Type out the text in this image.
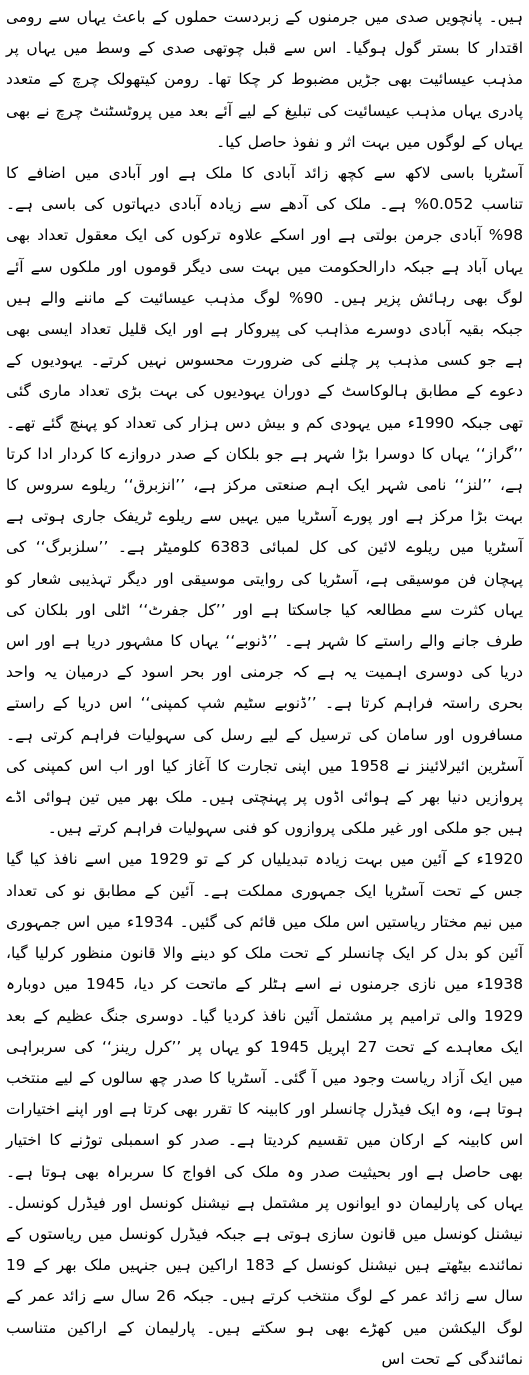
ہیں۔ پانچویں صدی میں جرمنوں کے زبردست حملوں کے باعث یہاں سے رومی اقتدار کا بستر گول ہوگیا۔ اس سے قبل چوتھی صدی کے وسط میں یہاں پر مذہب عیسائیت بھی جڑیں مضبوط کر چکا تھا۔ رومن کیتھولک چرچ کے متعدد پادری یہاں مذہب عیسائیت کی تبلیغ کے لیے آئے بعد میں پروٹسٹنٹ چرچ نے بھی یہاں کے لوگوں میں بہت اثر و نفوذ حاصل کیا۔

آسٹریا باسی لاکھ سے کچھ زائد آبادی کا ملک ہے اور آبادی میں اضافے کا تناسب 0.052% ہے۔ ملک کی آدھے سے زیادہ آبادی دیہاتوں کی باسی ہے۔ 98% آبادی جرمن بولتی ہے اور اسکے علاوہ ترکوں کی ایک معقول تعداد بھی یہاں آباد ہے جبکہ دارالحکومت میں بہت سی دیگر قوموں اور ملکوں سے آئے لوگ بھی رہائش پزیر ہیں۔ 90% لوگ مذہب عیسائیت کے ماننے والے ہیں جبکہ بقیہ آبادی دوسرے مذاہب کی پیروکار ہے اور ایک قلیل تعداد ایسی بھی ہے جو کسی مذہب پر چلنے کی ضرورت محسوس نہیں کرتے۔ یہودیوں کے دعوے کے مطابق ہالوکاسٹ کے دوران یہودیوں کی بہت بڑی تعداد ماری گئی تھی جبکہ 1990ء میں یہودی کم و بیش دس ہزار کی تعداد کو پہنچ گئے تھے۔ ’’گراز‘‘ یہاں کا دوسرا بڑا شہر ہے جو بلکان کے صدر دروازے کا کردار ادا کرتا ہے، ’’لنز‘‘ نامی شہر ایک اہم صنعتی مرکز ہے، ’’انزبرق‘‘ ریلوے سروس کا بہت بڑا مرکز ہے اور پورے آسٹریا میں یہیں سے ریلوے ٹریفک جاری ہوتی ہے آسٹریا میں ریلوے لائین کی کل لمبائی 6383 کلومیٹر ہے۔ ’’سلزبرگ‘‘ کی پہچان فن موسیقی ہے، آسٹریا کی روایتی موسیقی اور دیگر تہذیبی شعار کو یہاں کثرت سے مطالعہ کیا جاسکتا ہے اور ’’کل جفرٹ‘‘ اٹلی اور بلکان کی طرف جانے والے راستے کا شہر ہے۔ ’’ڈنوبے‘‘ یہاں کا مشہور دریا ہے اور اس دریا کی دوسری اہمیت یہ ہے کہ جرمنی اور بحر اسود کے درمیان یہ واحد بحری راستہ فراہم کرتا ہے۔ ’’ڈنوبے سٹیم شپ کمپنی‘‘ اس دریا کے راستے مسافروں اور سامان کی ترسیل کے لیے رسل کی سہولیات فراہم کرتی ہے۔ آسٹرین ائیرلائینز نے 1958 میں اپنی تجارت کا آغاز کیا اور اب اس کمپنی کی پروازیں دنیا بھر کے ہوائی اڈوں پر پہنچتی ہیں۔ ملک بھر میں تین ہوائی اڈے ہیں جو ملکی اور غیر ملکی پروازوں کو فنی سہولیات فراہم کرتے ہیں۔

1920ء کے آئین میں بہت زیادہ تبدیلیاں کر کے تو 1929 میں اسے نافذ کیا گیا جس کے تحت آسٹریا ایک جمہوری مملکت ہے۔ آئین کے مطابق نو کی تعداد میں نیم مختار ریاستیں اس ملک میں قائم کی گئیں۔ 1934ء میں اس جمہوری آئین کو بدل کر ایک چانسلر کے تحت ملک کو دینے والا قانون منظور کرلیا گیا، 1938ء میں نازی جرمنوں نے اسے ہٹلر کے ماتحت کر دیا، 1945 میں دوبارہ 1929 والی ترامیم پر مشتمل آئین نافذ کردیا گیا۔ دوسری جنگ عظیم کے بعد ایک معاہدے کے تحت 27 اپریل 1945 کو یہاں پر ’’کرل رینز‘‘ کی سربراہی میں ایک آزاد ریاست وجود میں آ گئی۔ آسٹریا کا صدر چھ سالوں کے لیے منتخب ہوتا ہے، وہ ایک فیڈرل چانسلر اور کابینہ کا تقرر بھی کرتا ہے اور اپنے اختیارات اس کابینہ کے ارکان میں تقسیم کردیتا ہے۔ صدر کو اسمبلی توڑنے کا اختیار بھی حاصل ہے اور بحیثیت صدر وہ ملک کی افواج کا سربراہ بھی ہوتا ہے۔ یہاں کی پارلیمان دو ایوانوں پر مشتمل ہے نیشنل کونسل اور فیڈرل کونسل۔ نیشنل کونسل میں قانون سازی ہوتی ہے جبکہ فیڈرل کونسل میں ریاستوں کے نمائندے بیٹھتے ہیں نیشنل کونسل کے 183 اراکین ہیں جنہیں ملک بھر کے 19 سال سے زائد عمر کے لوگ منتخب کرتے ہیں۔ جبکہ 26 سال سے زائد عمر کے لوگ الیکشن میں کھڑے بھی ہو سکتے ہیں۔ پارلیمان کے اراکین متناسب نمائندگی کے تحت اس
